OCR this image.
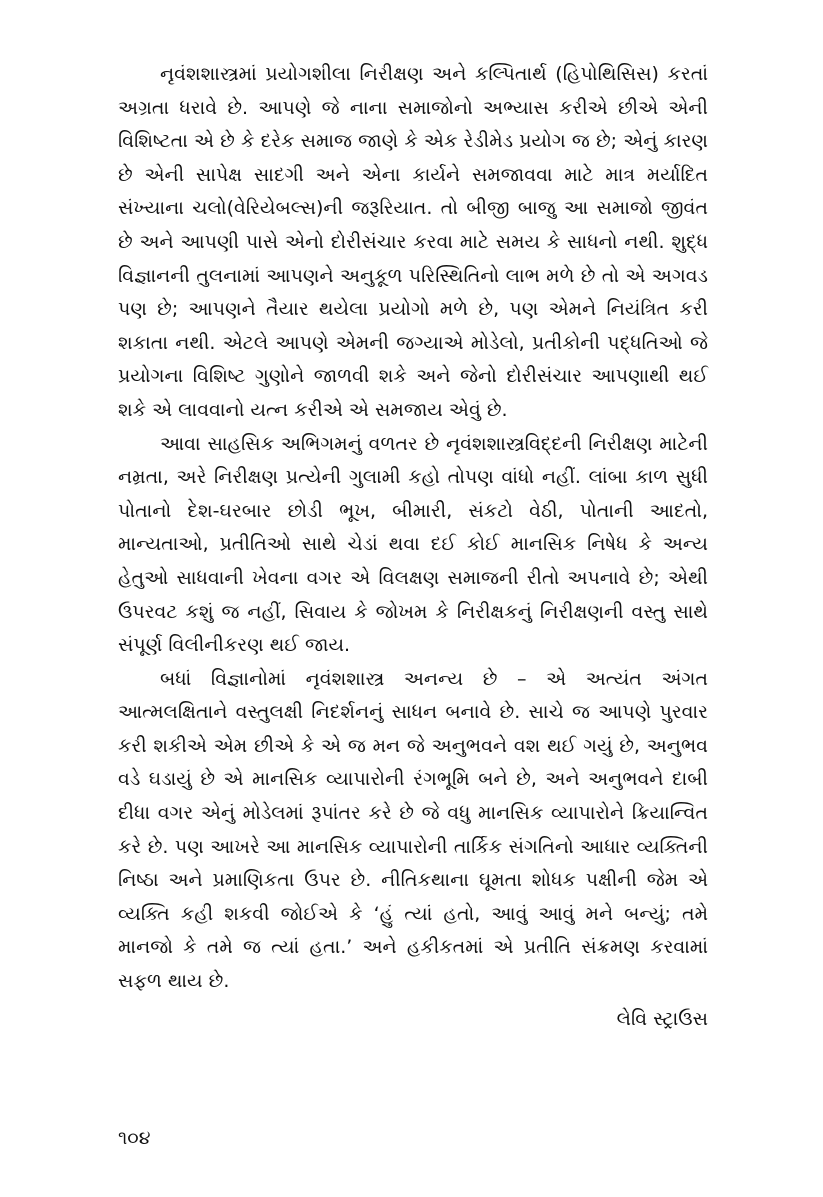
નૃવંશશાસ્ત્રમાં પ્રયોગશીલા નિરીક્ષણ અને કલ્પિતાર્થ (હિપોથિસિસ) કરતાં અગ્રતા ધરાવે છે. આપણે જે નાના સમાજોનો અભ્યાસ કરીએ છીએ એની વિશિષ્ટતા એ છે કે દરેક સમાજ જાણે કે એક રેડીમેડ પ્રયોગ જ છે; એનું કારણ છે એની સાપેક્ષ સાદગી અને એના કાર્યને સમજાવવા માટે માત્ર મર્યાદિત સંખ્યાના ચલો(વેરિયેબલ્સ)ની જરૂરિયાત. તો બીજી બાજુ આ સમાજો જીવંત છે અને આપણી પાસે એનો દોરીસંચાર કરવા માટે સમય કે સાધનો નથી. શુદ્ધ વિજ્ઞાનની તુલનામાં આપણને અનુકૂળ પરિસ્થિતિનો લાભ મળે છે તો એ અગવડ પણ છે; આપણને તૈયાર થયેલા પ્રયોગો મળે છે, પણ એમને નિયંત્રિત કરી શકાતા નથી. એટલે આપણે એમની જગ્યાએ મોડેલો, પ્રતીકોની પદ્ધતિઓ જે પ્રયોગના વિશિષ્ટ ગુણોને જાળવી શકે અને જેનો દોરીસંચાર આપણાથી થઈ શકે એ લાવવાનો યત્ન કરીએ એ સમજાય એવું છે.

આવા સાહસિક અભિગમનું વળતર છે નૃવંશશાસ્ત્રવિદ્દની નિરીક્ષણ માટેની નમ્રતા, અરે નિરીક્ષણ પ્રત્યેની ગુલામી કહો તોપણ વાંધો નહીં. લાંબા કાળ સુધી પોતાનો દેશ-ઘરબાર છોડી ભૂખ, બીમારી, સંકટો વેઠી, પોતાની આદતો, માન્યતાઓ, પ્રતીતિઓ સાથે ચેડાં થવા દઈ કોઈ માનસિક નિષેધ કે અન્ય હેતુઓ સાધવાની ખેવના વગર એ વિલક્ષણ સમાજની રીતો અપનાવે છે; એથી ઉપરવટ કશું જ નહીં, સિવાય કે જોખમ કે નિરીક્ષકનું નિરીક્ષણની વસ્તુ સાથે સંપૂર્ણ વિલીનીકરણ થઈ જાય.

બધાં વિજ્ઞાનોમાં નૃવંશશાસ્ત્ર અનન્ય છે – એ અત્યંત અંગત આત્મલક્ષિતાને વસ્તુલક્ષી નિદર્શનનું સાધન બનાવે છે. સાચે જ આપણે પુરવાર કરી શકીએ એમ છીએ કે એ જ મન જે અનુભવને વશ થઈ ગયું છે, અનુભવ વડે ઘડાયું છે એ માનસિક વ્યાપારોની રંગભૂમિ બને છે, અને અનુભવને દાબી દીધા વગર એનું મોડેલમાં રૂપાંતર કરે છે જે વધુ માનસિક વ્યાપારોને ક્રિયાન્વિત કરે છે. પણ આખરે આ માનસિક વ્યાપારોની તાર્કિક સંગતિનો આધાર વ્યક્તિની નિષ્ઠા અને પ્રમાણિકતા ઉપર છે. નીતિકથાના ઘૂમતા શોધક પક્ષીની જેમ એ વ્યક્તિ કહી શકવી જોઈએ કે ‘હું ત્યાં હતો, આવું આવું મને બન્યું; તમે માનજો કે તમે જ ત્યાં હતા.’ અને હકીકતમાં એ પ્રતીતિ સંક્રમણ કરવામાં સફળ થાય છે.

લેવિ સ્ટ્રાઉસ

૧૦૪
